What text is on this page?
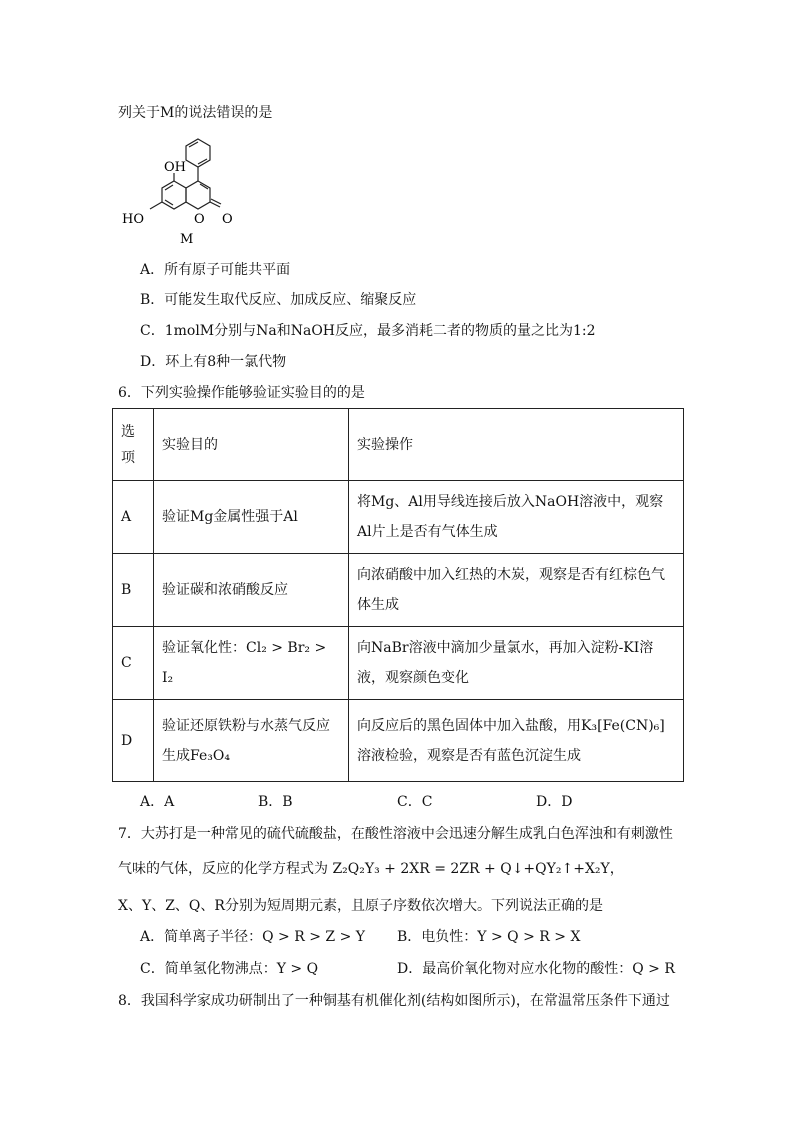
列关于M的说法错误的是
OH
HO	O O
M
A．所有原子可能共平面
B．可能发生取代反应、加成反应、缩聚反应
C．1molM分别与Na和NaOH反应，最多消耗二者的物质的量之比为1:2
D．环上有8种一氯代物
6．下列实验操作能够验证实验目的的是
选项	实验目的	实验操作
A	验证Mg金属性强于Al	将Mg、Al用导线连接后放入NaOH溶液中，观察Al片上是否有气体生成
B	验证碳和浓硝酸反应	向浓硝酸中加入红热的木炭，观察是否有红棕色气体生成
C	验证氧化性：Cl₂ > Br₂ > I₂	向NaBr溶液中滴加少量氯水，再加入淀粉-KI溶液，观察颜色变化
D	验证还原铁粉与水蒸气反应生成Fe₃O₄	向反应后的黑色固体中加入盐酸，用K₃[Fe(CN)₆]溶液检验，观察是否有蓝色沉淀生成
A．A	B．B	C．C	D．D
7．大苏打是一种常见的硫代硫酸盐，在酸性溶液中会迅速分解生成乳白色浑浊和有刺激性
气味的气体，反应的化学方程式为 Z₂Q₂Y₃ + 2XR = 2ZR + Q↓+QY₂↑+X₂Y，
X、Y、Z、Q、R分别为短周期元素，且原子序数依次增大。下列说法正确的是
A．简单离子半径：Q > R > Z > Y B．电负性：Y > Q > R > X
C．简单氢化物沸点：Y > Q	D．最高价氧化物对应水化物的酸性：Q > R
8．我国科学家成功研制出了一种铜基有机催化剂(结构如图所示)，在常温常压条件下通过
